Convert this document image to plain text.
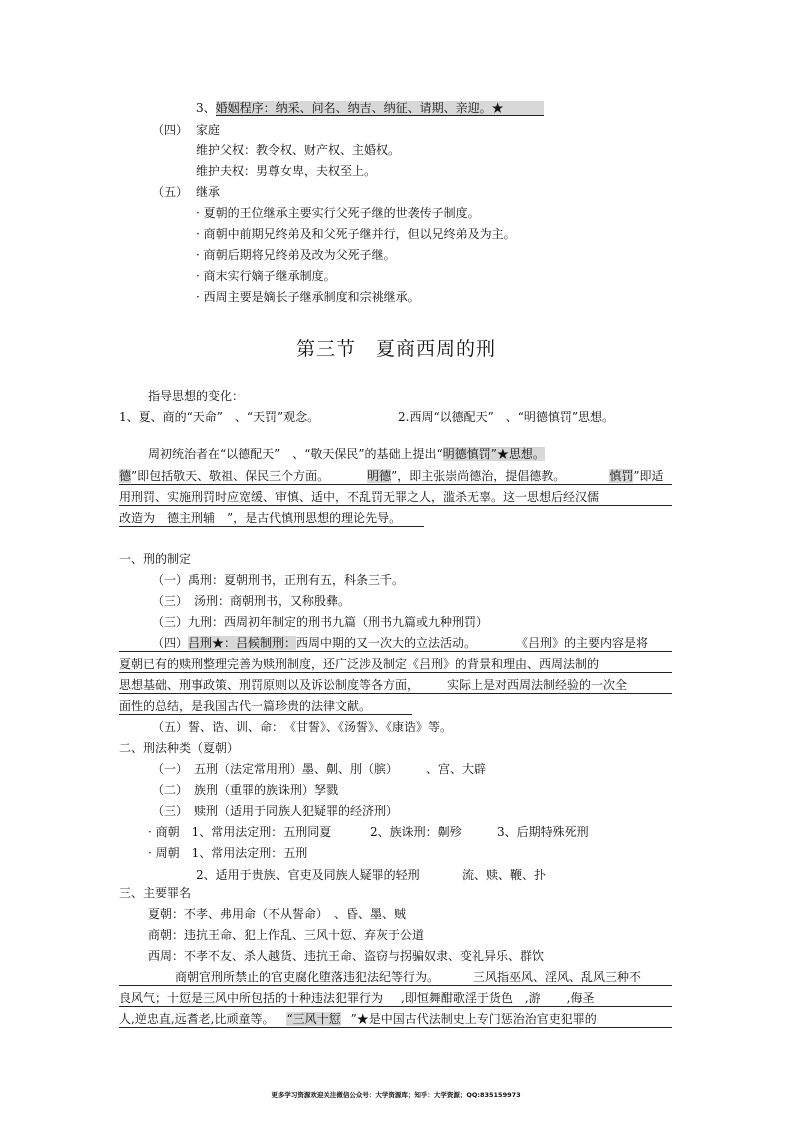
3、婚姻程序：纳采、问名、纳吉、纳征、请期、亲迎。★
（四） 家庭
维护父权：教令权、财产权、主婚权。
维护夫权：男尊女卑，夫权至上。
（五） 继承
· 夏朝的王位继承主要实行父死子继的世袭传子制度。
· 商朝中前期兄终弟及和父死子继并行，但以兄终弟及为主。
· 商朝后期将兄终弟及改为父死子继。
· 商末实行嫡子继承制度。
· 西周主要是嫡长子继承制度和宗祧继承。
第三节　夏商西周的刑
指导思想的变化：
1、夏、商的“天命”　、“天罚”观念。	2.西周“以德配天”　、“明德慎罚”思想。
周初统治者在“以德配天”　、“敬天保民”的基础上提出“明德慎罚”★思想。
德”即包括敬天、敬祖、保民三个方面。	明德”，即主张崇尚德治，提倡德教。	慎罚”即适
用刑罚、实施刑罚时应宽缓、审慎、适中，不乱罚无罪之人，滥杀无辜。这一思想后经汉儒
改造为　德主刑辅　”，是古代慎刑思想的理论先导。
一、刑的制定
（一）禹刑：夏朝刑书，正刑有五，科条三千。
（三）　汤刑：商朝刑书，又称殷彝。
（三）九刑：西周初年制定的刑书九篇（刑书九篇或九种刑罚）
（四）吕刑★：吕候制刑：西周中期的又一次大的立法活动。	《吕刑》的主要内容是将
夏朝已有的赎刑整理完善为赎刑制度，还广泛涉及制定《吕刑》的背景和理由、西周法制的
思想基础、刑事政策、刑罚原则以及诉讼制度等各方面， 实际上是对西周法制经验的一次全
面性的总结，是我国古代一篇珍贵的法律文献。
（五）誓、诰、训、命：　《甘誓》、《汤誓》、《康诰》等。
二、刑法种类（夏朝）
（一）　五刑（法定常用刑）墨、劓、刖（膑） 、宫、大辟
（二）　族刑（重罪的族诛刑）孥戮
（三）　赎刑（适用于同族人犯疑罪的经济刑）
· 商朝　1、常用法定刑：五刑同夏	2、族诛刑：劓殄	3、后期特殊死刑
· 周朝　1、常用法定刑：五刑
2、适用于贵族、官吏及同族人疑罪的轻刑	流、赎、鞭、扑
三、主要罪名
夏朝：不孝、弗用命（不从誓命）　、昏、墨、贼
商朝：违抗王命、犯上作乱、三风十愆、弃灰于公道
西周：不孝不友、杀人越货、违抗王命、盗窃与拐骗奴隶、变礼异乐、群饮
商朝官刑所禁止的官吏腐化堕落违犯法纪等行为。	三风指巫风、淫风、乱风三种不
良风气；十愆是三风中所包括的十种违法犯罪行为 ,即恒舞酣歌淫于货色 ,游 ,侮圣
人,逆忠直,远耆老,比顽童等。 “三风十愆 ”★是中国古代法制史上专门惩治治官吏犯罪的
更多学习资源欢迎关注微信公众号：大学资源库；知乎：大学资源；QQ:835159973
